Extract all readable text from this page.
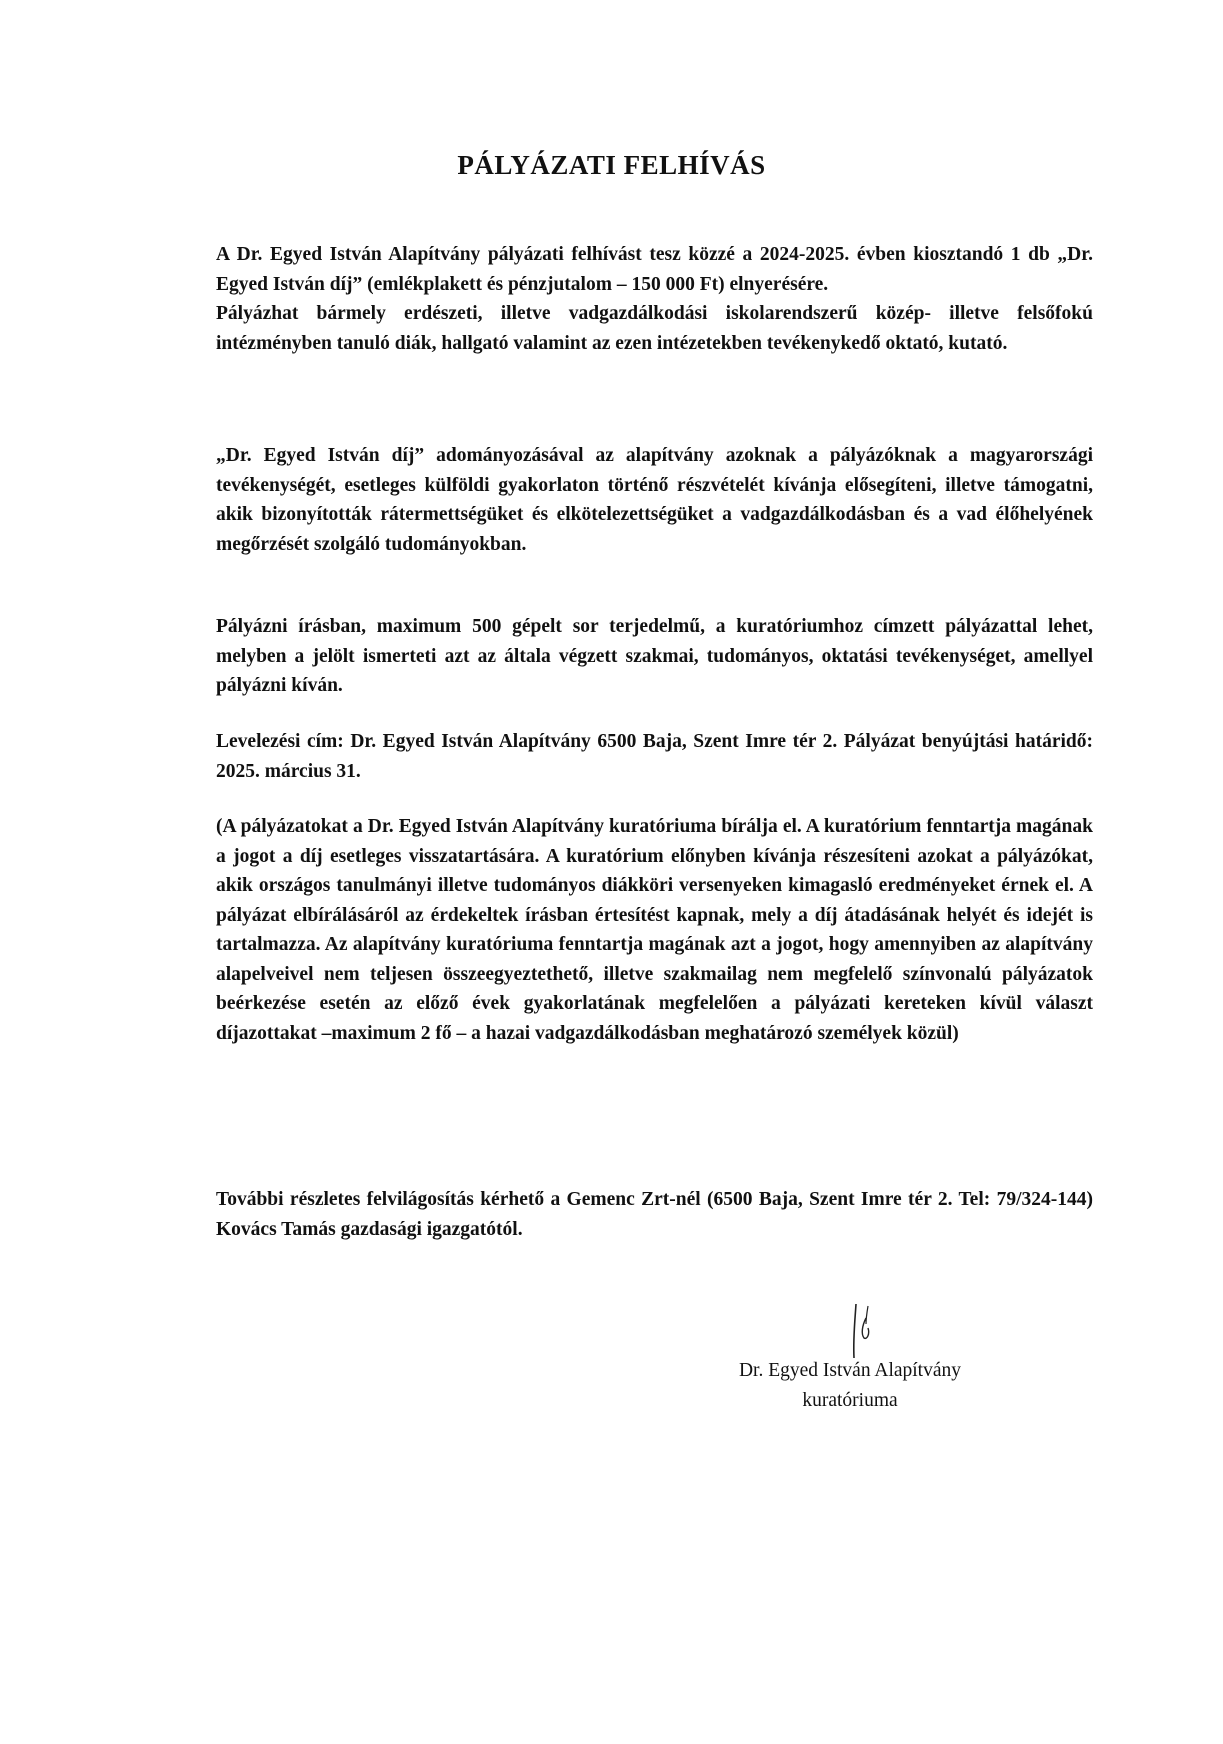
PÁLYÁZATI FELHÍVÁS

A Dr. Egyed István Alapítvány pályázati felhívást tesz közzé a 2024-2025. évben kiosztandó 1 db „Dr. Egyed István díj” (emlékplakett és pénzjutalom – 150 000 Ft) elnyerésére.

Pályázhat bármely erdészeti, illetve vadgazdálkodási iskolarendszerű közép- illetve felsőfokú intézményben tanuló diák, hallgató valamint az ezen intézetekben tevékenykedő oktató, kutató.

„Dr. Egyed István díj” adományozásával az alapítvány azoknak a pályázóknak a magyarországi tevékenységét, esetleges külföldi gyakorlaton történő részvételét kívánja elősegíteni, illetve támogatni, akik bizonyították rátermettségüket és elkötelezettségüket a vadgazdálkodásban és a vad élőhelyének megőrzését szolgáló tudományokban.
Pályázni írásban, maximum 500 gépelt sor terjedelmű, a kuratóriumhoz címzett pályázattal lehet, melyben a jelölt ismerteti azt az általa végzett szakmai, tudományos, oktatási tevékenységet, amellyel pályázni kíván.
Levelezési cím: Dr. Egyed István Alapítvány 6500 Baja, Szent Imre tér 2. Pályázat benyújtási határidő: 2025. március 31.
(A pályázatokat a Dr. Egyed István Alapítvány kuratóriuma bírálja el. A kuratórium fenntartja magának a jogot a díj esetleges visszatartására. A kuratórium előnyben kívánja részesíteni azokat a pályázókat, akik országos tanulmányi illetve tudományos diákköri versenyeken kimagasló eredményeket érnek el. A pályázat elbírálásáról az érdekeltek írásban értesítést kapnak, mely a díj átadásának helyét és idejét is tartalmazza. Az alapítvány kuratóriuma fenntartja magának azt a jogot, hogy amennyiben az alapítvány alapelveivel nem teljesen összeegyeztethető, illetve szakmailag nem megfelelő színvonalú pályázatok beérkezése esetén az előző évek gyakorlatának megfelelően a pályázati kereteken kívül választ díjazottakat –maximum 2 fő – a hazai vadgazdálkodásban meghatározó személyek közül)
További részletes felvilágosítás kérhető a Gemenc Zrt-nél (6500 Baja, Szent Imre tér 2. Tel: 79/324-144) Kovács Tamás gazdasági igazgatótól.
Dr. Egyed István Alapítvány
kuratóriuma
